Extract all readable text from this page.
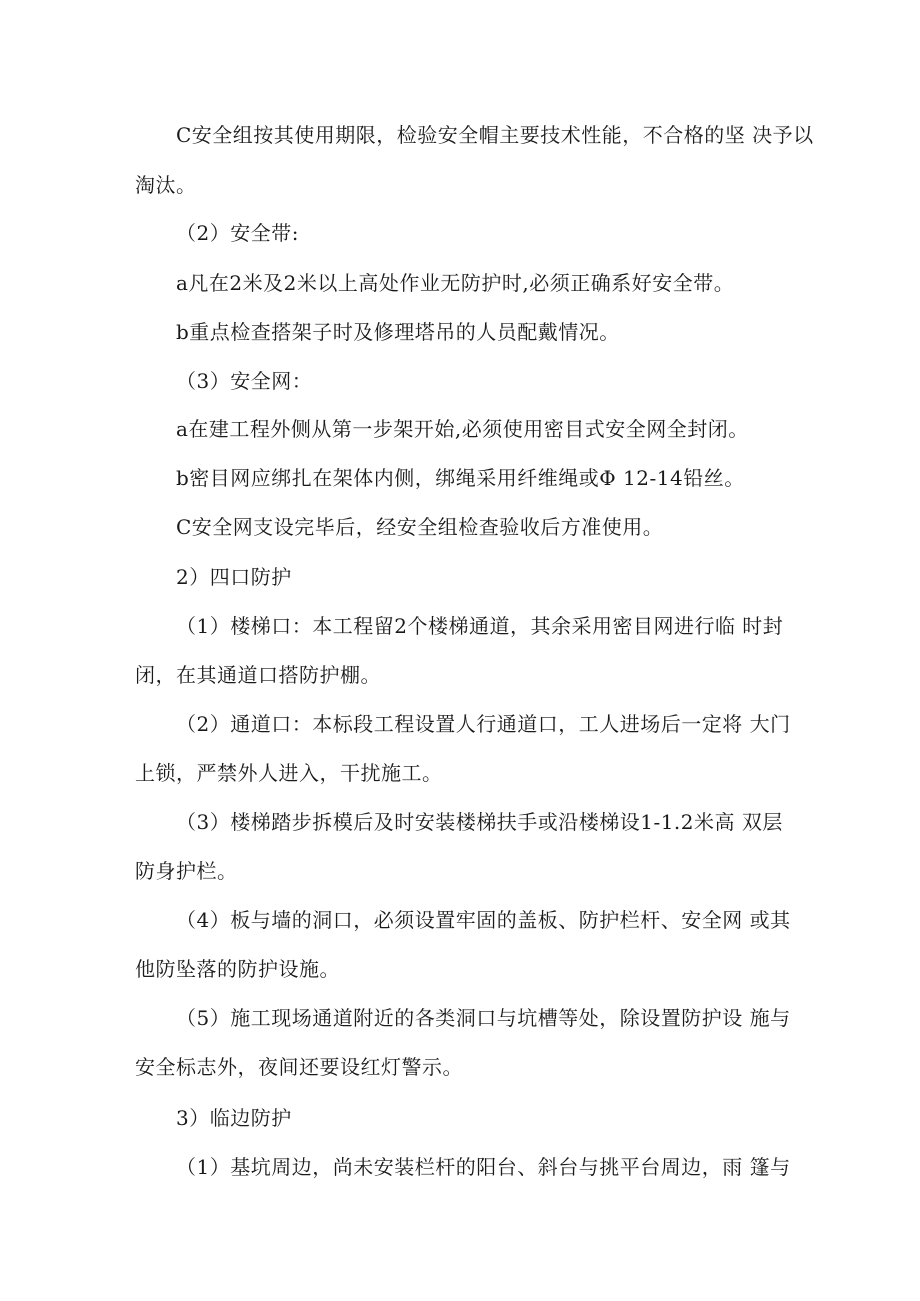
C安全组按其使用期限，检验安全帽主要技术性能，不合格的坚 决予以
淘汰。
（2）安全带:
a凡在2米及2米以上高处作业无防护时,必须正确系好安全带。
b重点检查搭架子时及修理塔吊的人员配戴情况。
（3）安全网：
a在建工程外侧从第一步架开始,必须使用密目式安全网全封闭。
b密目网应绑扎在架体内侧，绑绳采用纤维绳或Φ 12-14铅丝。
C安全网支设完毕后，经安全组检查验收后方准使用。
2）四口防护
（1）楼梯口：本工程留2个楼梯通道，其余采用密目网进行临 时封
闭，在其通道口搭防护棚。
（2）通道口：本标段工程设置人行通道口，工人进场后一定将 大门
上锁，严禁外人进入，干扰施工。
（3）楼梯踏步拆模后及时安装楼梯扶手或沿楼梯设1-1.2米高 双层
防身护栏。
（4）板与墙的洞口，必须设置牢固的盖板、防护栏杆、安全网 或其
他防坠落的防护设施。
（5）施工现场通道附近的各类洞口与坑槽等处，除设置防护设 施与
安全标志外，夜间还要设红灯警示。
3）临边防护
（1）基坑周边，尚未安装栏杆的阳台、斜台与挑平台周边，雨 篷与
